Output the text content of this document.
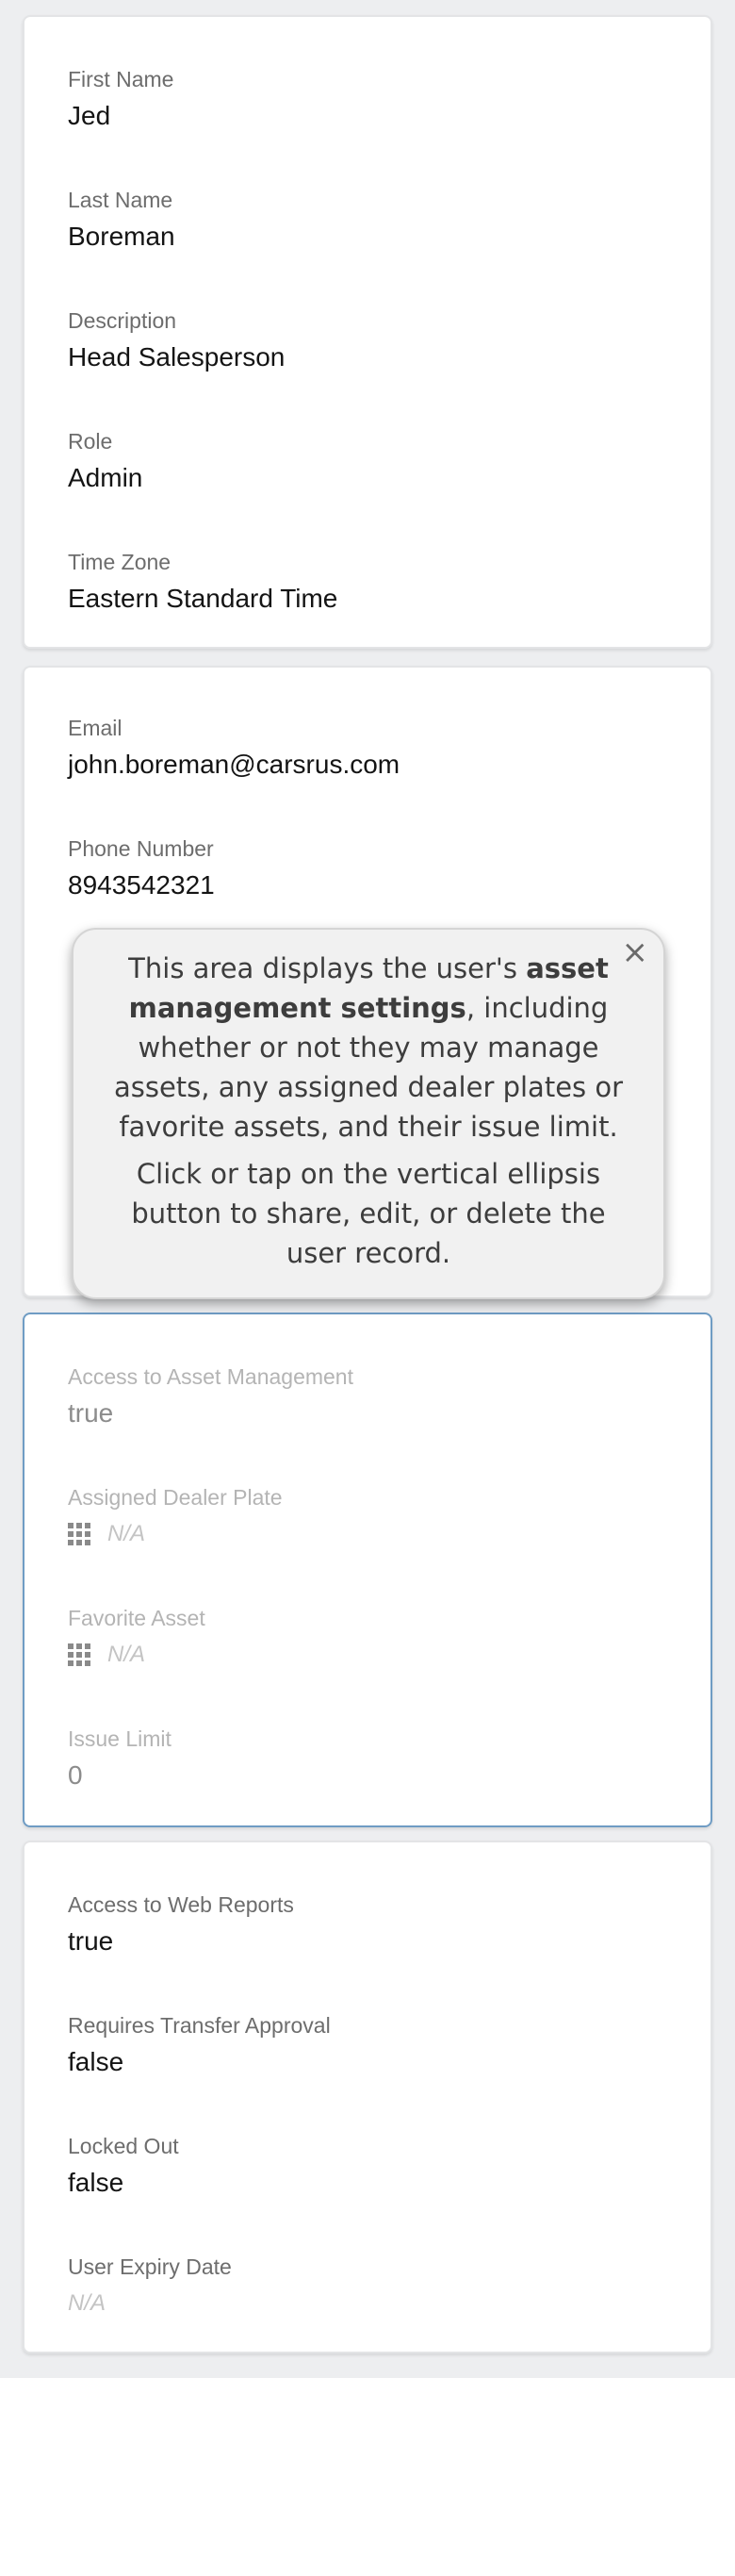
First Name
Jed
Last Name
Boreman
Description
Head Salesperson
Role
Admin
Time Zone
Eastern Standard Time
Email
john.boreman@carsrus.com
Phone Number
8943542321
Access to Asset Management
true
Assigned Dealer Plate
N/A
Favorite Asset
N/A
Issue Limit
0
Access to Web Reports
true
Requires Transfer Approval
false
Locked Out
false
User Expiry Date
N/A
×

This area displays the user's asset management settings, including whether or not they may manage assets, any assigned dealer plates or favorite assets, and their issue limit.

Click or tap on the vertical ellipsis button to share, edit, or delete the user record.
